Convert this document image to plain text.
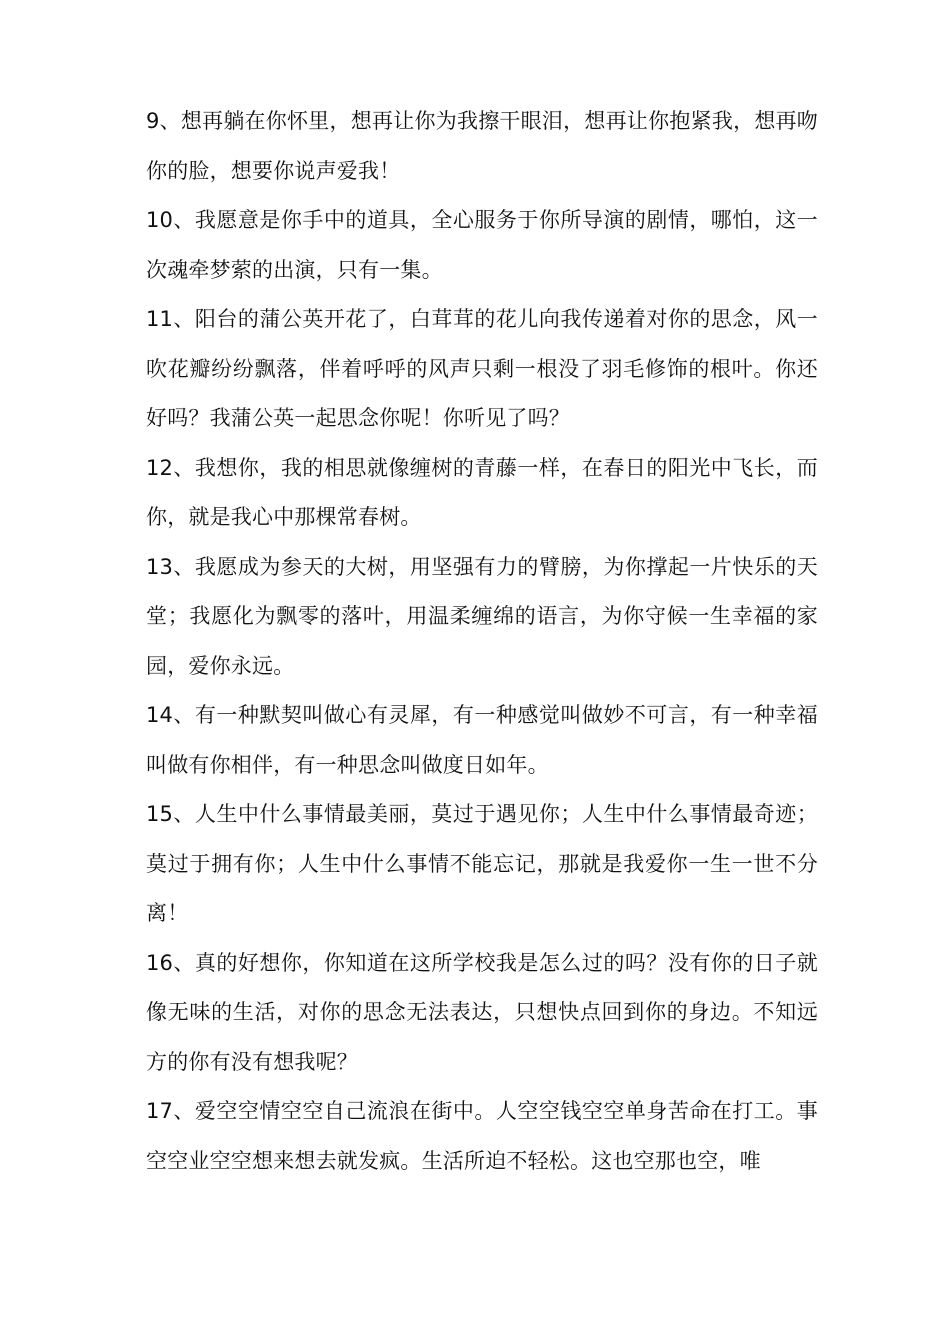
9、想再躺在你怀里，想再让你为我擦干眼泪，想再让你抱紧我，想再吻你的脸，想要你说声爱我！

10、我愿意是你手中的道具，全心服务于你所导演的剧情，哪怕，这一次魂牵梦萦的出演，只有一集。

11、阳台的蒲公英开花了，白茸茸的花儿向我传递着对你的思念，风一吹花瓣纷纷飘落，伴着呼呼的风声只剩一根没了羽毛修饰的根叶。你还好吗？我蒲公英一起思念你呢！你听见了吗？

12、我想你，我的相思就像缠树的青藤一样，在春日的阳光中飞长，而你，就是我心中那棵常春树。

13、我愿成为参天的大树，用坚强有力的臂膀，为你撑起一片快乐的天堂；我愿化为飘零的落叶，用温柔缠绵的语言，为你守候一生幸福的家园，爱你永远。

14、有一种默契叫做心有灵犀，有一种感觉叫做妙不可言，有一种幸福叫做有你相伴，有一种思念叫做度日如年。

15、人生中什么事情最美丽，莫过于遇见你；人生中什么事情最奇迹；莫过于拥有你；人生中什么事情不能忘记，那就是我爱你一生一世不分离！

16、真的好想你，你知道在这所学校我是怎么过的吗？没有你的日子就像无味的生活，对你的思念无法表达，只想快点回到你的身边。不知远方的你有没有想我呢？

17、爱空空情空空自己流浪在街中。人空空钱空空单身苦命在打工。事空空业空空想来想去就发疯。生活所迫不轻松。这也空那也空，唯
